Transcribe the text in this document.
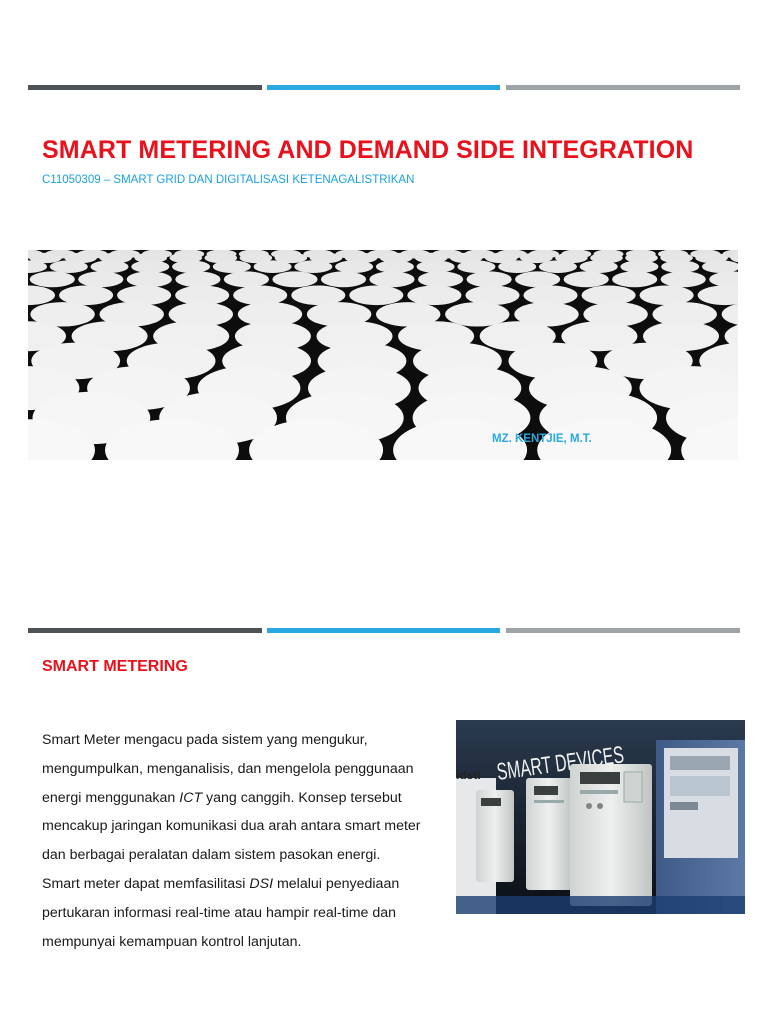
SMART METERING AND DEMAND SIDE INTEGRATION
C11050309 – SMART GRID DAN DIGITALISASI KETENAGALISTRIKAN
MZ. KENTJIE, M.T.
SMART METERING

Smart Meter mengacu pada sistem yang mengukur, mengumpulkan, menganalisis, dan mengelola penggunaan energi menggunakan ICT yang canggih. Konsep tersebut mencakup jaringan komunikasi dua arah antara smart meter dan berbagai peralatan dalam sistem pasokan energi.

Smart meter dapat memfasilitasi DSI melalui penyediaan pertukaran informasi real-time atau hampir real-time dan mempunyai kemampuan kontrol lanjutan.

idsti SMART DEVICES
